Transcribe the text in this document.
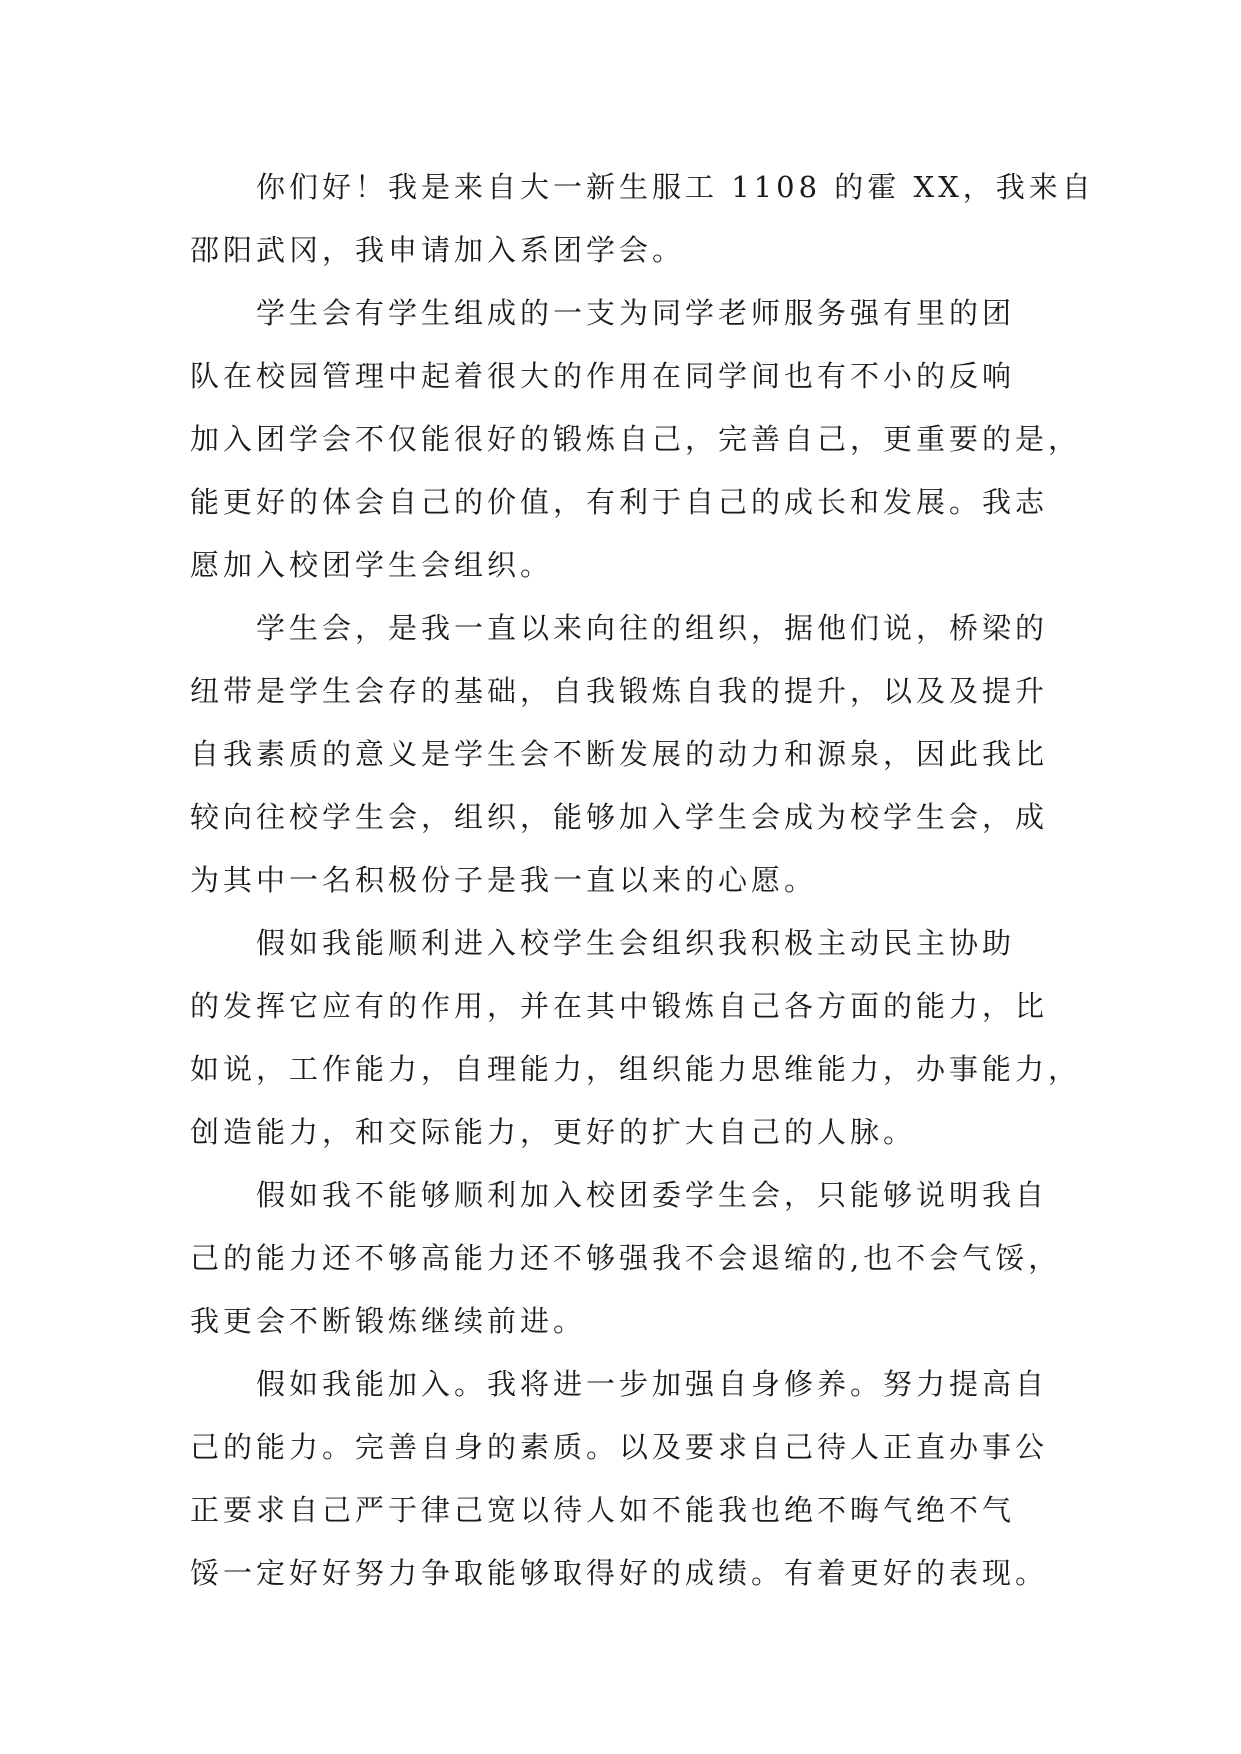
你们好！我是来自大一新生服工 1108 的霍 XX，我来自
邵阳武冈，我申请加入系团学会。
学生会有学生组成的一支为同学老师服务强有里的团
队在校园管理中起着很大的作用在同学间也有不小的反响
加入团学会不仅能很好的锻炼自己，完善自己，更重要的是，
能更好的体会自己的价值，有利于自己的成长和发展。我志
愿加入校团学生会组织。
学生会，是我一直以来向往的组织，据他们说，桥梁的
纽带是学生会存的基础，自我锻炼自我的提升，以及及提升
自我素质的意义是学生会不断发展的动力和源泉，因此我比
较向往校学生会，组织，能够加入学生会成为校学生会，成
为其中一名积极份子是我一直以来的心愿。
假如我能顺利进入校学生会组织我积极主动民主协助
的发挥它应有的作用，并在其中锻炼自己各方面的能力，比
如说，工作能力，自理能力，组织能力思维能力，办事能力，
创造能力，和交际能力，更好的扩大自己的人脉。
假如我不能够顺利加入校团委学生会，只能够说明我自
己的能力还不够高能力还不够强我不会退缩的,也不会气馁，
我更会不断锻炼继续前进。
假如我能加入。我将进一步加强自身修养。努力提高自
己的能力。完善自身的素质。以及要求自己待人正直办事公
正要求自己严于律己宽以待人如不能我也绝不晦气绝不气
馁一定好好努力争取能够取得好的成绩。有着更好的表现。
